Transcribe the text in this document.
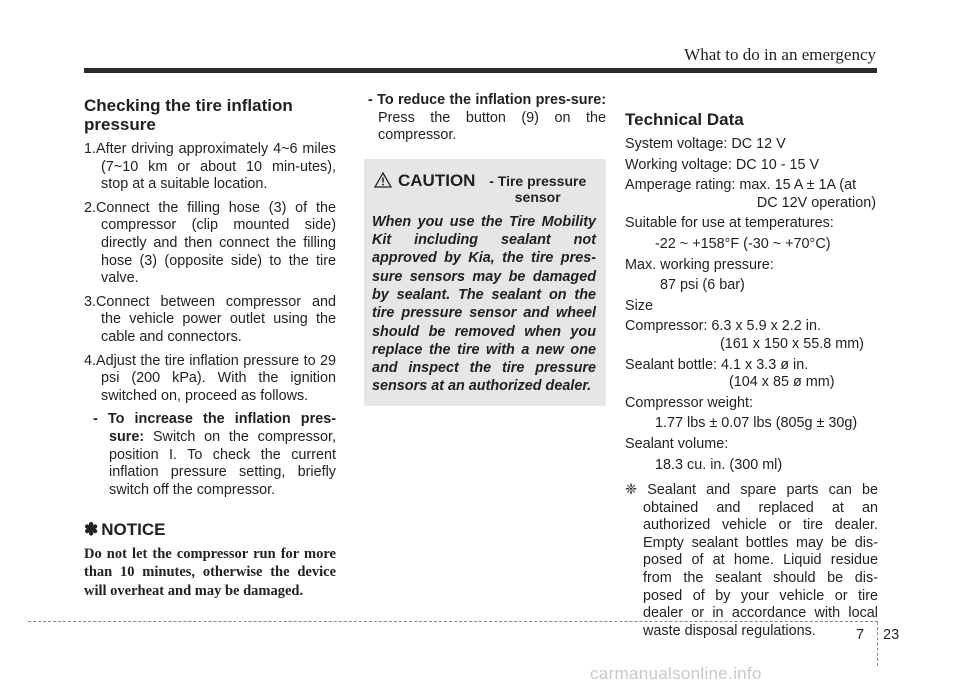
What to do in an emergency
Checking the tire inflation pressure

1.After driving approximately 4~6 miles (7~10 km or about 10 min-utes), stop at a suitable location.

2.Connect the filling hose (3) of the compressor (clip mounted side) directly and then connect the filling hose (3) (opposite side) to the tire valve.

3.Connect between compressor and the vehicle power outlet using the cable and connectors.

4.Adjust the tire inflation pressure to 29 psi (200 kPa). With the ignition switched on, proceed as follows.

- To increase the inflation pres-sure: Switch on the compressor, position I. To check the current inflation pressure setting, briefly switch off the compressor.

✽ NOTICE

Do not let the compressor run for more than 10 minutes, otherwise the device will overheat and may be damaged.

- To reduce the inflation pres-sure: Press the button (9) on the compressor.

CAUTION - Tire pressure sensor

When you use the Tire Mobility Kit including sealant not approved by Kia, the tire pres-sure sensors may be damaged by sealant. The sealant on the tire pressure sensor and wheel should be removed when you replace the tire with a new one and inspect the tire pressure sensors at an authorized dealer.

Technical Data

System voltage: DC 12 V

Working voltage: DC 10 - 15 V

Amperage rating: max. 15 A ± 1A (at

DC 12V operation)

Suitable for use at temperatures:

-22 ~ +158°F (-30 ~ +70°C)

Max. working pressure:

87 psi (6 bar)

Size

Compressor: 6.3 x 5.9 x 2.2 in.

(161 x 150 x 55.8 mm)

Sealant bottle: 4.1 x 3.3 ø in.

(104 x 85 ø mm)

Compressor weight:

1.77 lbs ± 0.07 lbs (805g ± 30g)

Sealant volume:

18.3 cu. in. (300 ml)

❈ Sealant and spare parts can be obtained and replaced at an authorized vehicle or tire dealer. Empty sealant bottles may be dis-posed of at home. Liquid residue from the sealant should be dis-posed of by your vehicle or tire dealer or in accordance with local waste disposal regulations.	7 23
carmanualsonline.info
